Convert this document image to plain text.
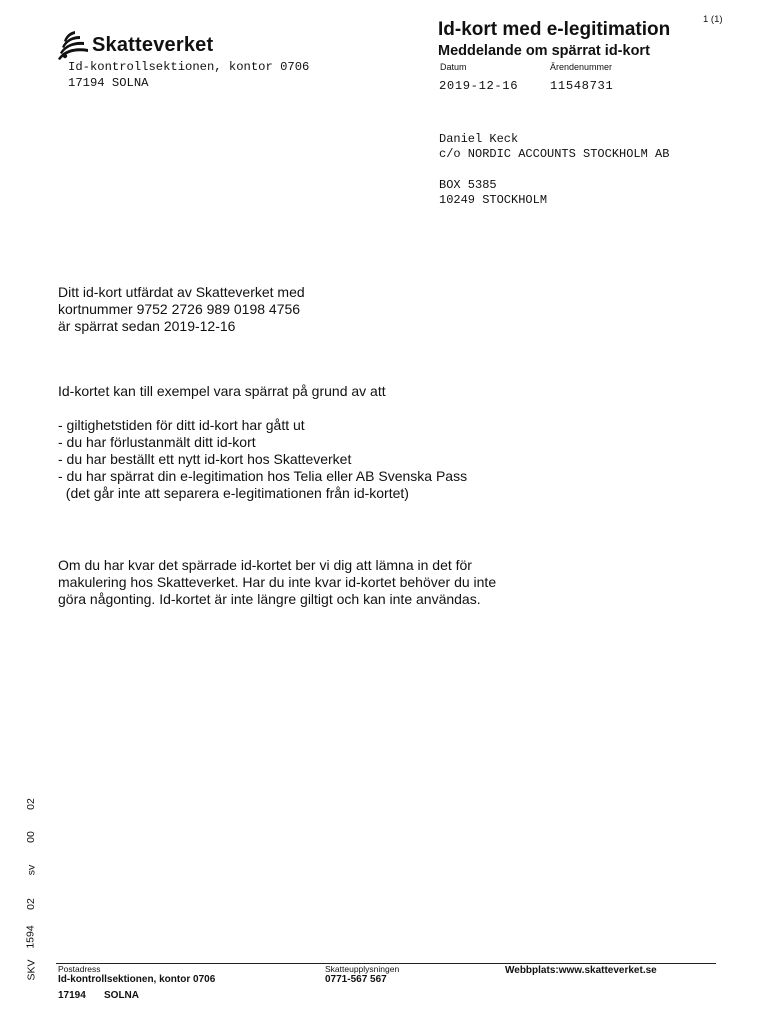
1 (1)
Skatteverket
Id-kontrollsektionen, kontor 0706
17194 SOLNA
Id-kort med e-legitimation
Meddelande om spärrat id-kort
Datum	Ärendenummer
2019-12-16	11548731
Daniel Keck
c/o NORDIC ACCOUNTS STOCKHOLM AB

BOX 5385
10249 STOCKHOLM
Ditt id-kort utfärdat av Skatteverket med
kortnummer 9752 2726 989 0198 4756
är spärrat sedan 2019-12-16
Id-kortet kan till exempel vara spärrat på grund av att
- giltighetstiden för ditt id-kort har gått ut
- du har förlustanmält ditt id-kort
- du har beställt ett nytt id-kort hos Skatteverket
- du har spärrat din e-legitimation hos Telia eller AB Svenska Pass
(det går inte att separera e-legitimationen från id-kortet)
Om du har kvar det spärrade id-kortet ber vi dig att lämna in det för
makulering hos Skatteverket. Har du inte kvar id-kortet behöver du inte
göra någonting. Id-kortet är inte längre giltigt och kan inte användas.
SKV
1594
02
sv
00
02
Postadress
Id-kontrollsektionen, kontor 0706
17194 SOLNA
Skatteupplysningen
0771-567 567
Webbplats:www.skatteverket.se
